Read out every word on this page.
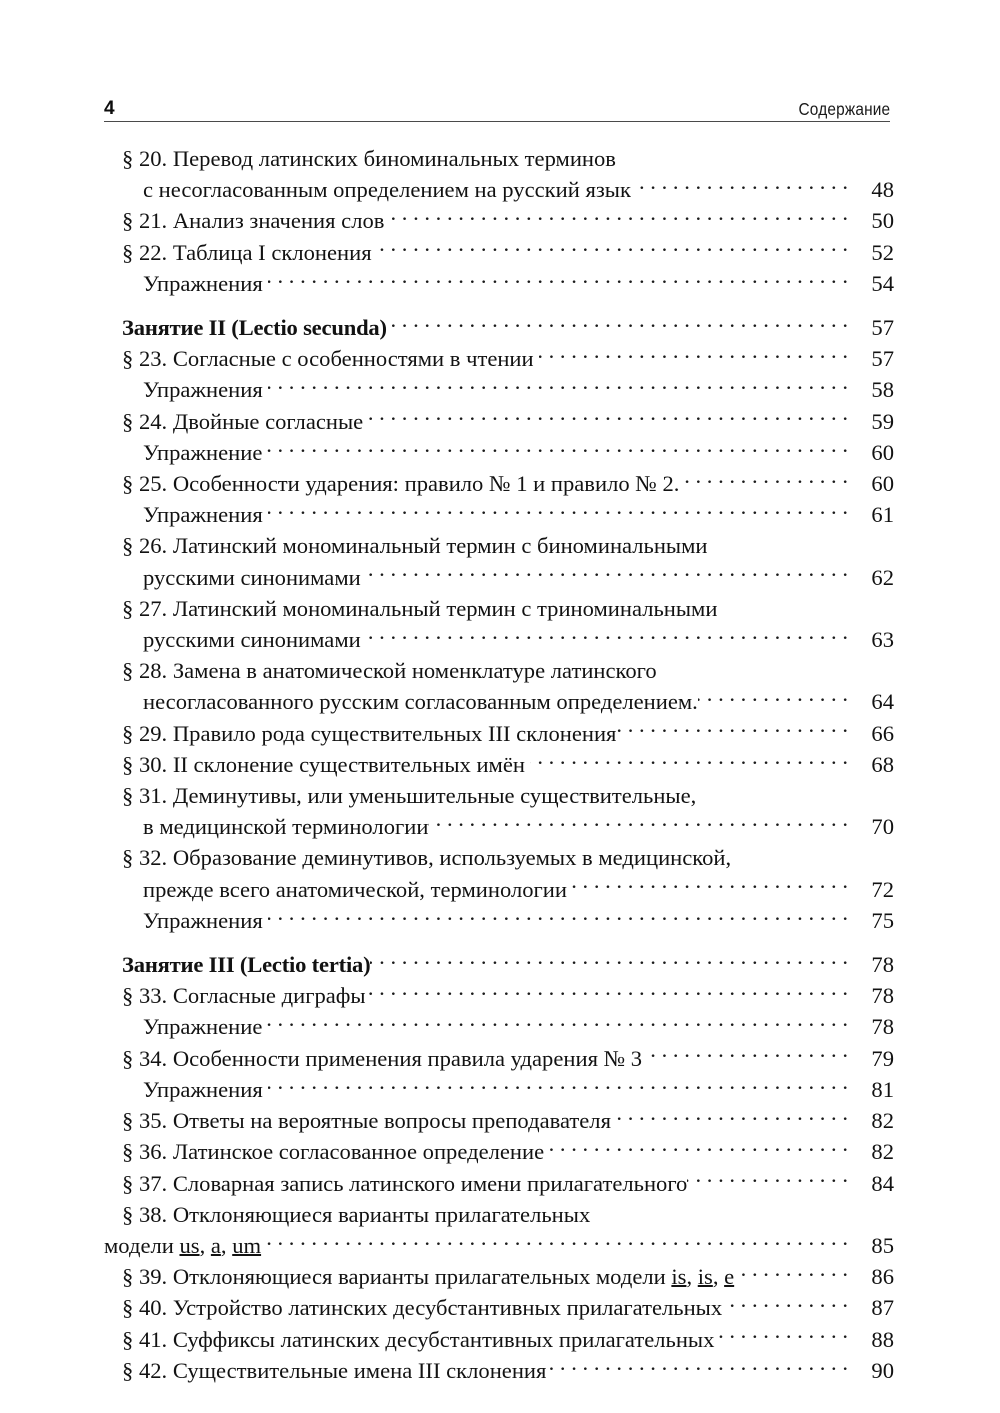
4	Содержание
§ 20. Перевод латинских биноминальных терминов
с несогласованным определением на русский язык . . .	48
§ 21. Анализ значения слов . . .	50
§ 22. Таблица I склонения . . .	52
Упражнения . . .	54
Занятие II (Lectio secunda) . . .	57
§ 23. Согласные с особенностями в чтении . . .	57
Упражнения . . .	58
§ 24. Двойные согласные . . .	59
Упражнение . . .	60
§ 25. Особенности ударения: правило № 1 и правило № 2. . . .	60
Упражнения . . .	61
§ 26. Латинский мономинальный термин с биноминальными
русскими синонимами . . .	62
§ 27. Латинский мономинальный термин с триноминальными
русскими синонимами . . .	63
§ 28. Замена в анатомической номенклатуре латинского
несогласованного русским согласованным определением. . . .	64
§ 29. Правило рода существительных III склонения . . .	66
§ 30. II склонение существительных имён . . .	68
§ 31. Деминутивы, или уменьшительные существительные,
в медицинской терминологии . . .	70
§ 32. Образование деминутивов, используемых в медицинской,
прежде всего анатомической, терминологии . . .	72
Упражнения . . .	75
Занятие III (Lectio tertia) . . .	78
§ 33. Согласные диграфы . . .	78
Упражнение . . .	78
§ 34. Особенности применения правила ударения № 3 . . .	79
Упражнения . . .	81
§ 35. Ответы на вероятные вопросы преподавателя . . .	82
§ 36. Латинское согласованное определение . . .	82
§ 37. Словарная запись латинского имени прилагательного . . .	84
§ 38. Отклоняющиеся варианты прилагательных
модели us, a, um . . .	85
§ 39. Отклоняющиеся варианты прилагательных модели is, is, e . . .	86
§ 40. Устройство латинских десубстантивных прилагательных . . .	87
§ 41. Суффиксы латинских десубстантивных прилагательных . . .	88
§ 42. Существительные имена III склонения . . .	90
